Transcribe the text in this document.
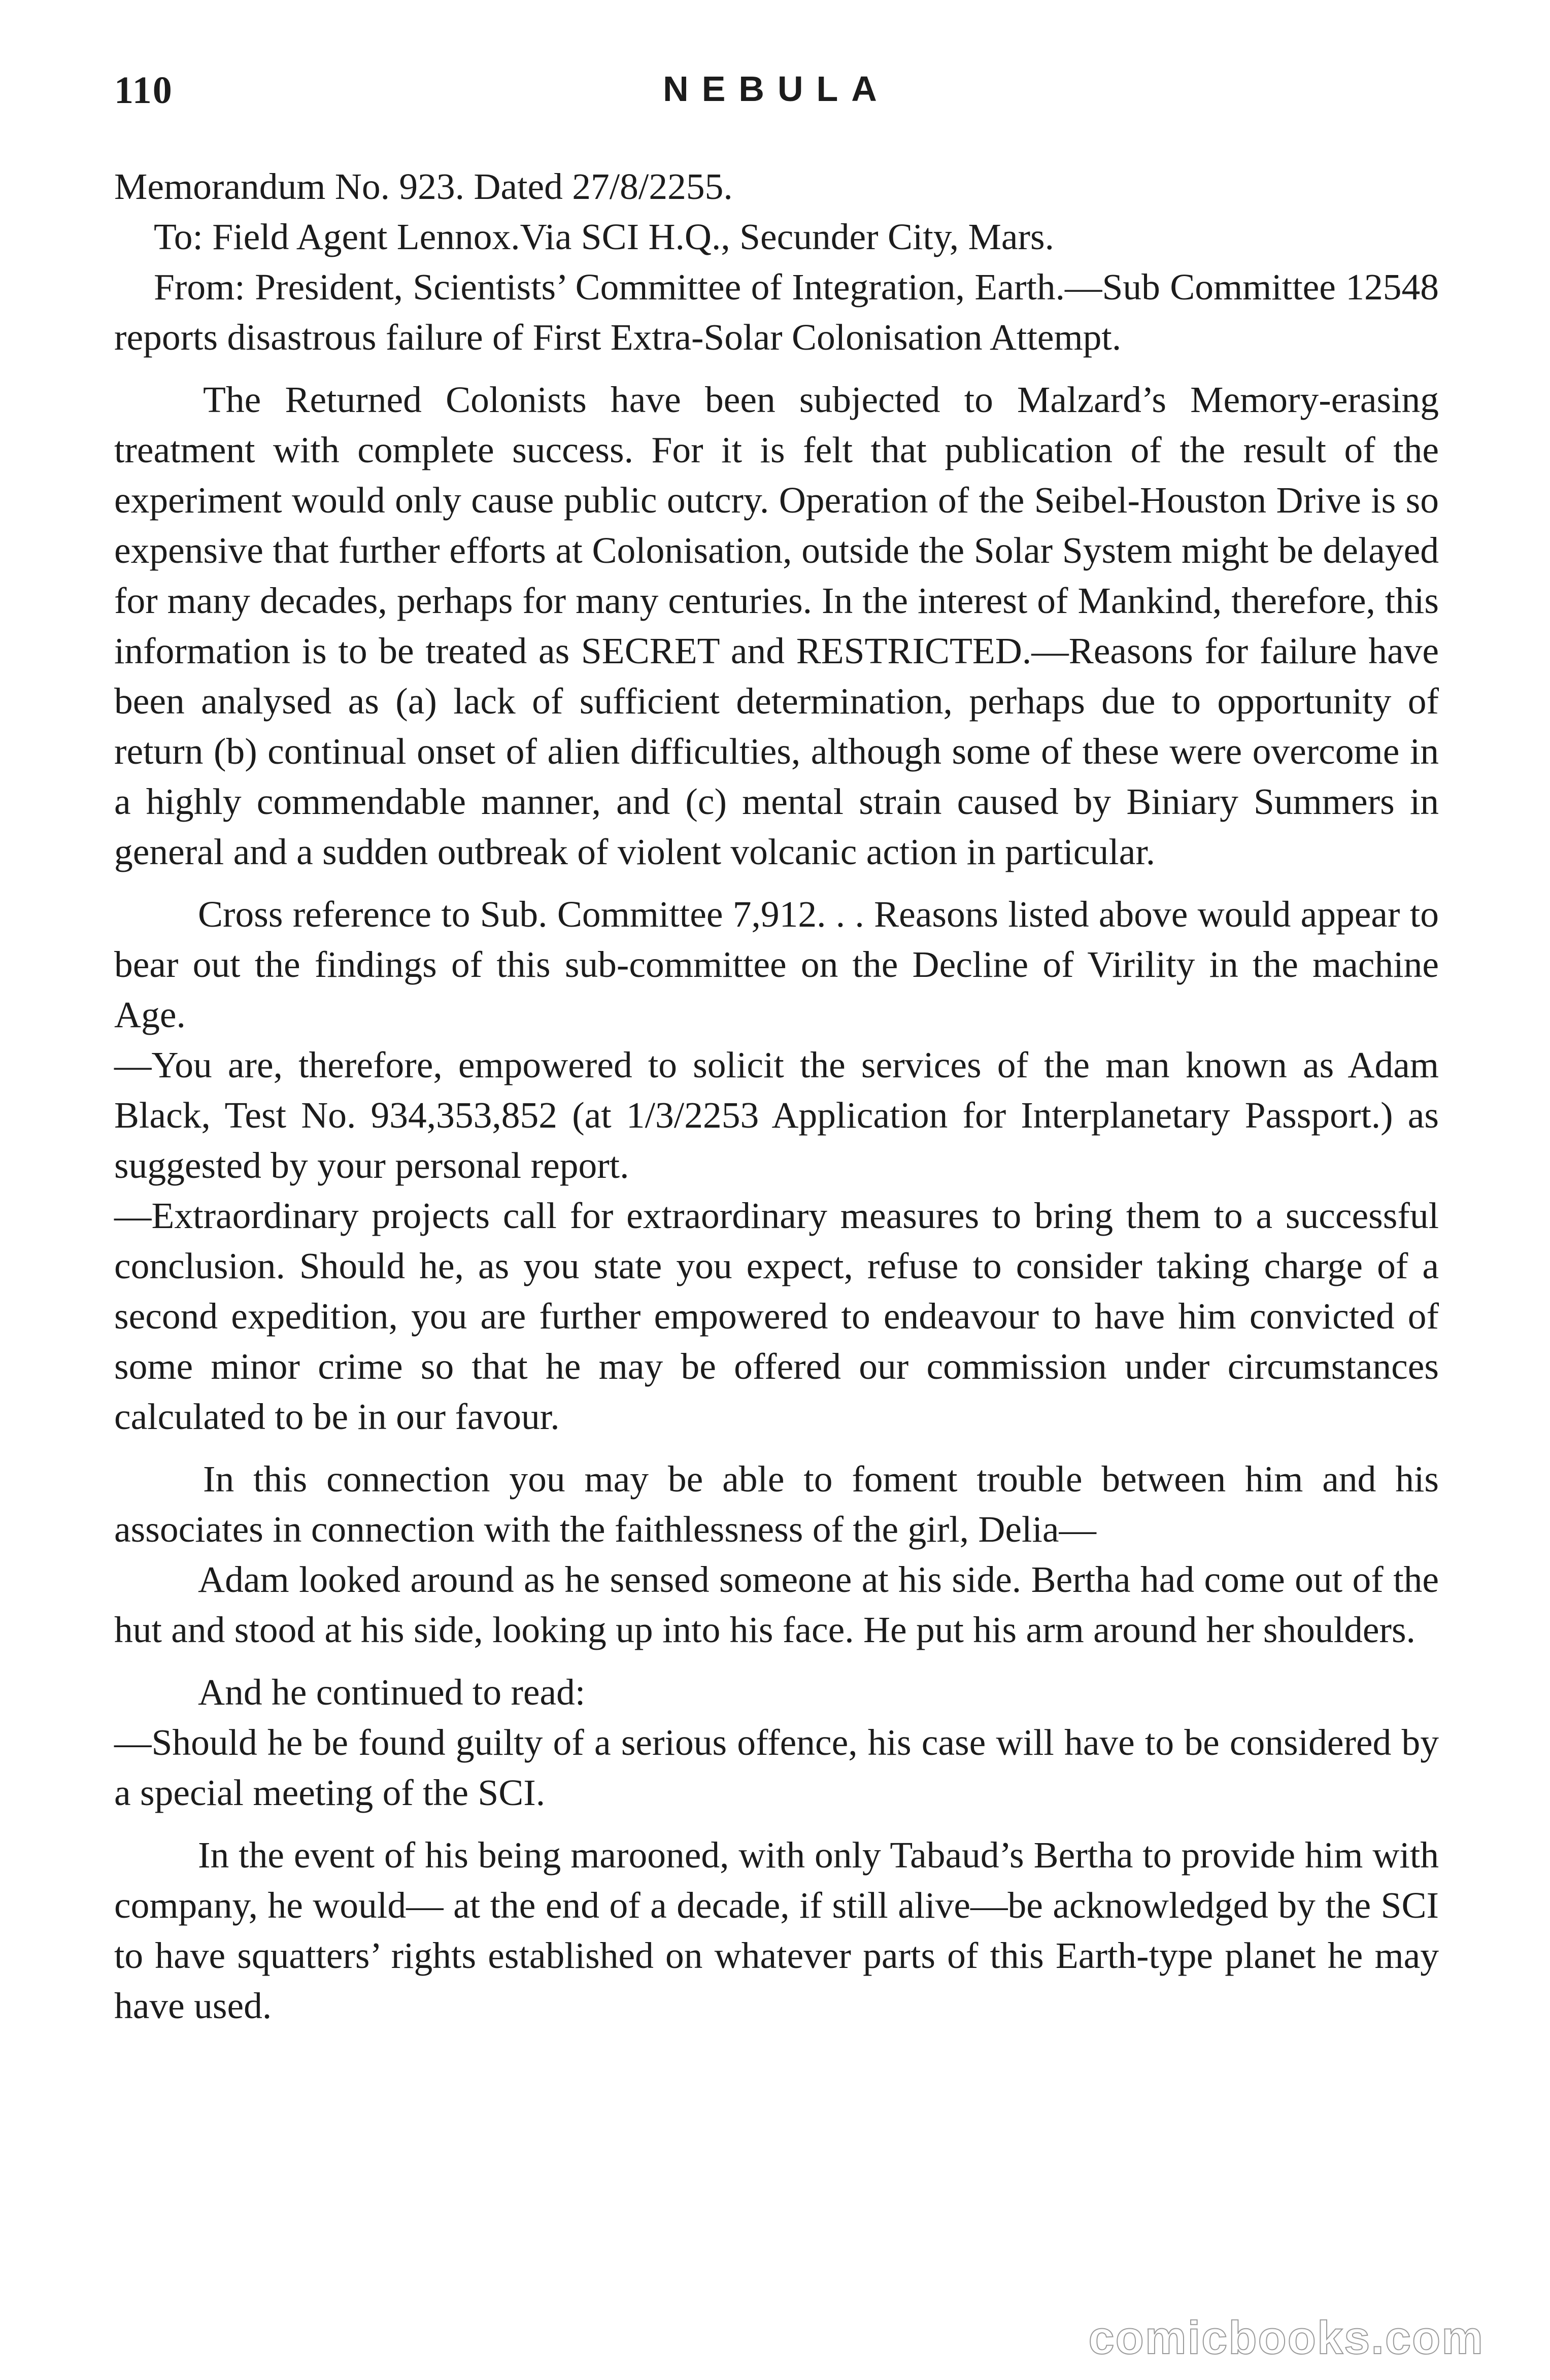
110	NEBULA

Memorandum No. 923. Dated 27/8/2255.

To: Field Agent Lennox.Via SCI H.Q., Secunder City, Mars.

From: President, Scientists’ Committee of Integration, Earth.—Sub Committee 12548 reports disastrous failure of First Extra-Solar Colonisation Attempt.

The Returned Colonists have been subjected to Malzard’s Memory-erasing treatment with complete success. For it is felt that publication of the result of the experiment would only cause public outcry. Operation of the Seibel-Houston Drive is so expensive that further efforts at Colonisation, outside the Solar System might be delayed for many decades, perhaps for many centuries. In the interest of Mankind, therefore, this information is to be treated as SECRET and RESTRICTED.—Reasons for failure have been analysed as (a) lack of sufficient determination, perhaps due to opportunity of return (b) continual onset of alien difficulties, although some of these were overcome in a highly commendable manner, and (c) mental strain caused by Biniary Summers in general and a sudden outbreak of violent volcanic action in particular.

Cross reference to Sub. Committee 7,912. . . Reasons listed above would appear to bear out the findings of this sub-committee on the Decline of Virility in the machine Age.

—You are, therefore, empowered to solicit the services of the man known as Adam Black, Test No. 934,353,852 (at 1/3/2253 Application for Interplanetary Passport.) as suggested by your personal report.

—Extraordinary projects call for extraordinary measures to bring them to a successful conclusion. Should he, as you state you expect, refuse to consider taking charge of a second expedition, you are further empowered to endeavour to have him convicted of some minor crime so that he may be offered our commission under circumstances calculated to be in our favour.

In this connection you may be able to foment trouble between him and his associates in connection with the faithlessness of the girl, Delia—

Adam looked around as he sensed someone at his side. Bertha had come out of the hut and stood at his side, looking up into his face. He put his arm around her shoulders.

And he continued to read:

—Should he be found guilty of a serious offence, his case will have to be considered by a special meeting of the SCI.

In the event of his being marooned, with only Tabaud’s Bertha to provide him with company, he would— at the end of a decade, if still alive—be acknowledged by the SCI to have squatters’ rights established on whatever parts of this Earth-type planet he may have used.

comicbooks.com
